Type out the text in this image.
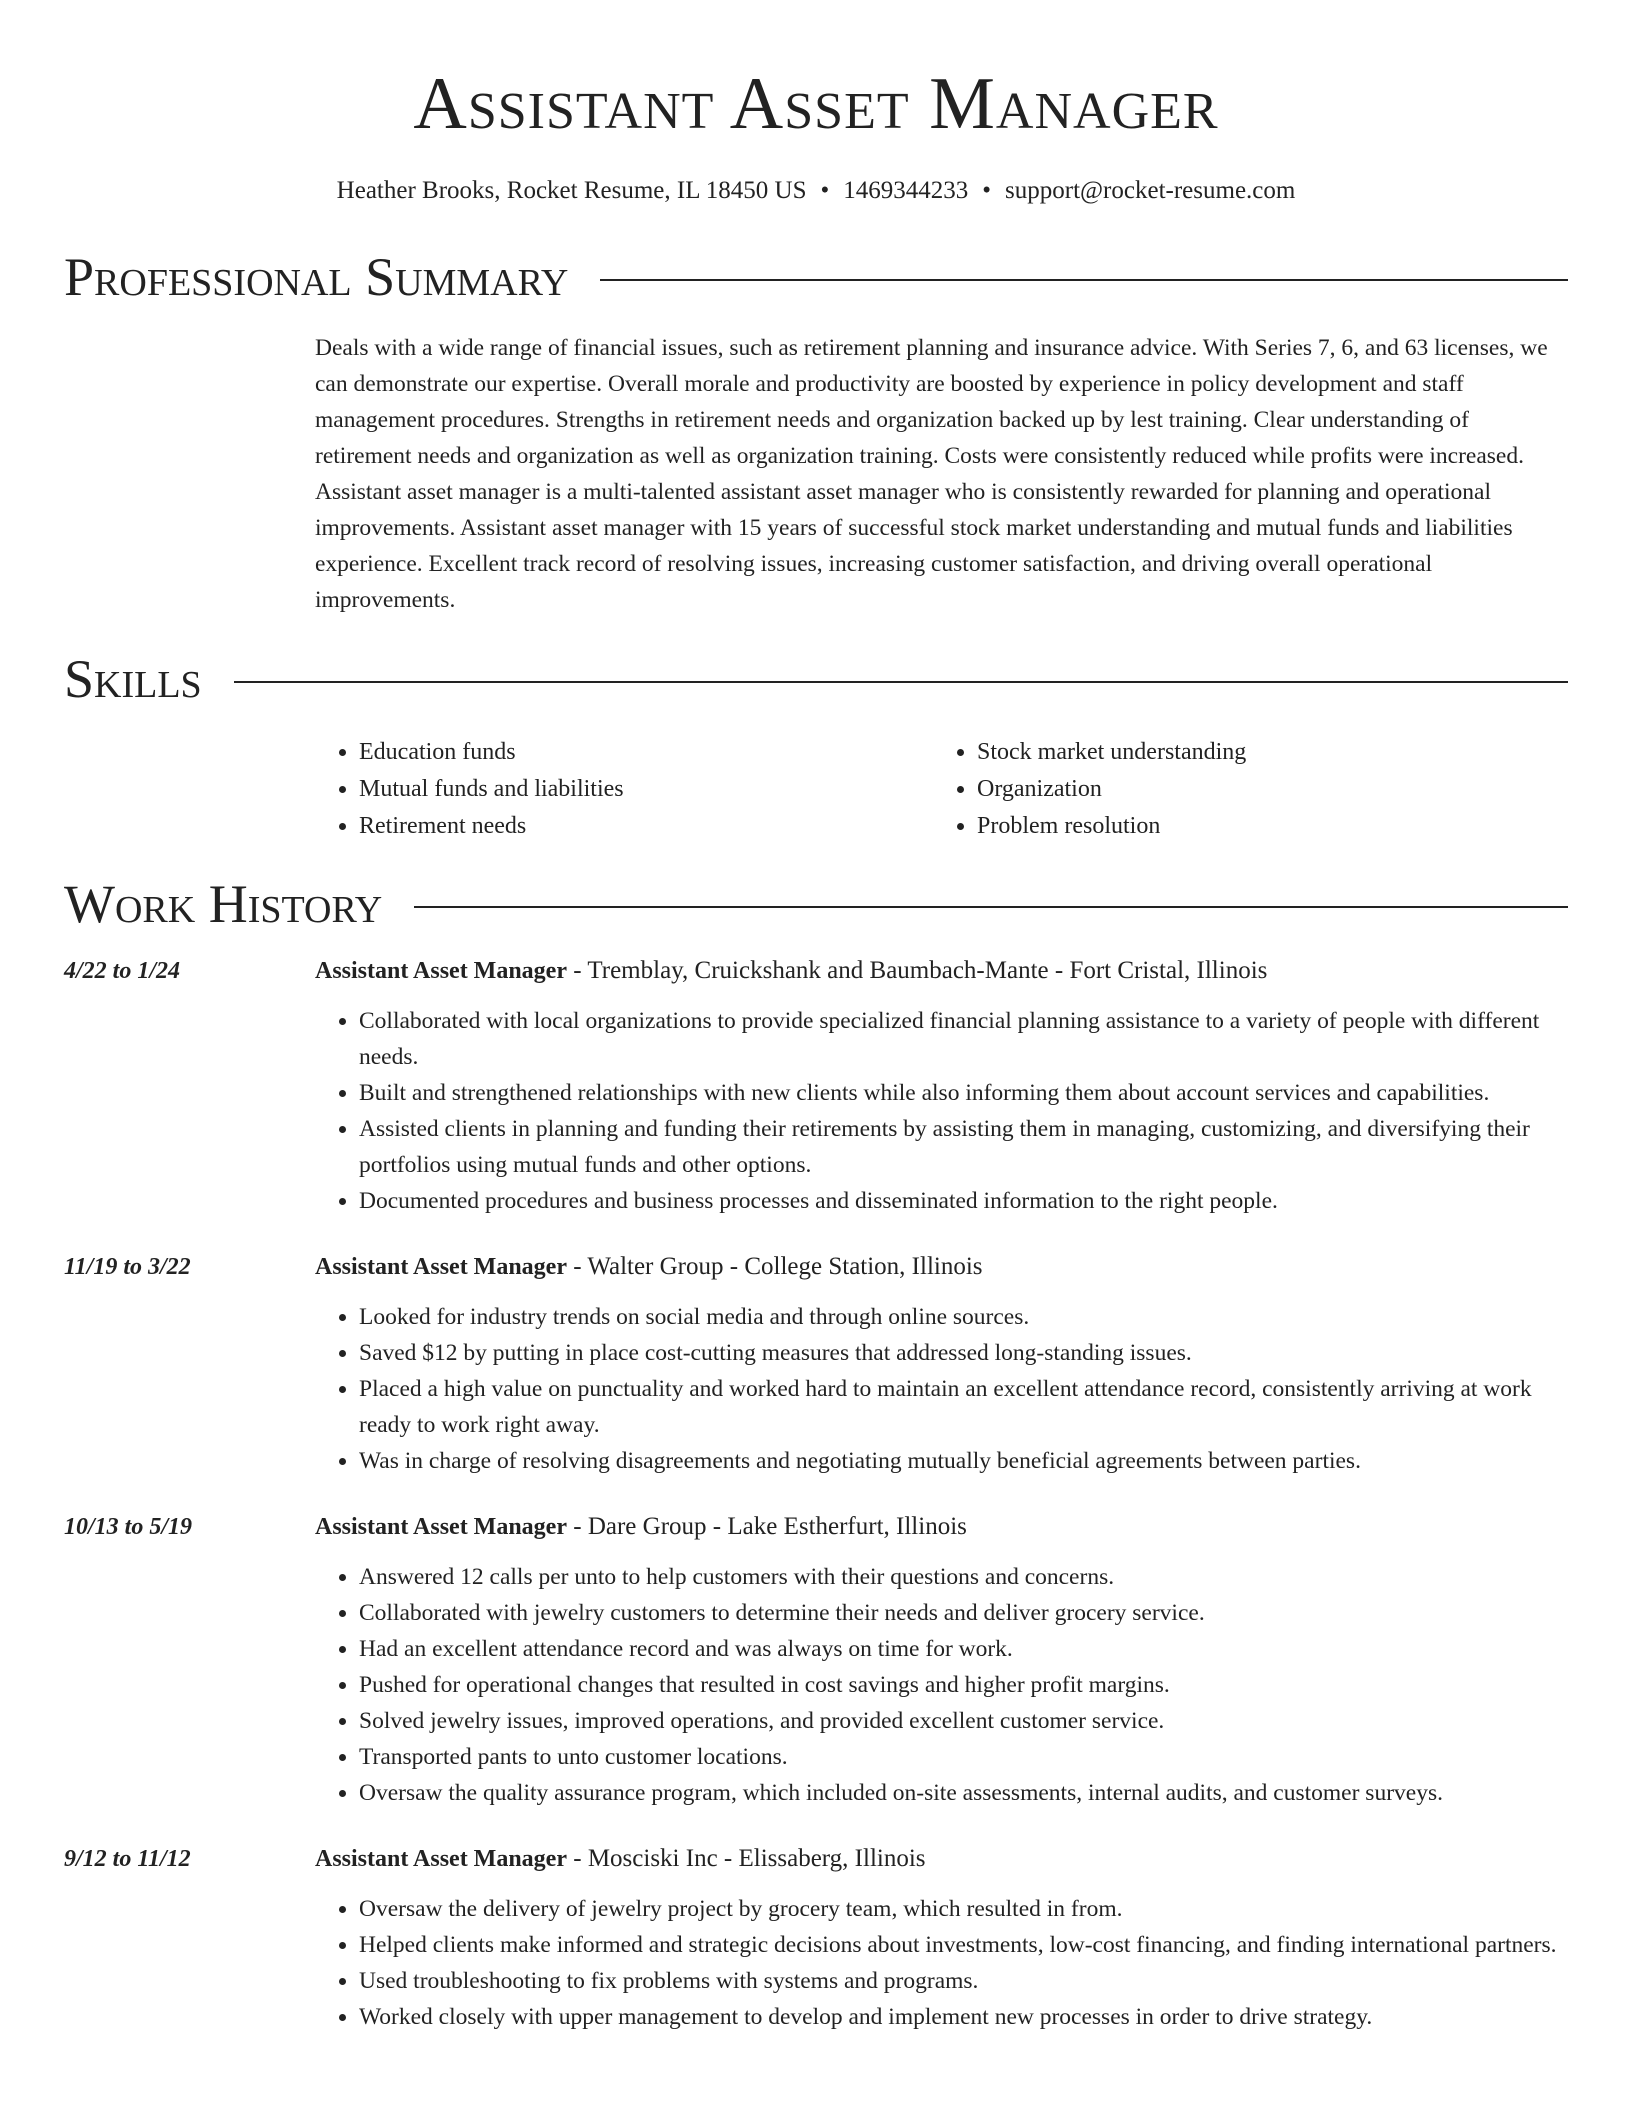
Assistant Asset Manager
Heather Brooks, Rocket Resume, IL 18450 US • 1469344233 • support@rocket-resume.com
Professional Summary
Deals with a wide range of financial issues, such as retirement planning and insurance advice. With Series 7, 6, and 63 licenses, we can demonstrate our expertise. Overall morale and productivity are boosted by experience in policy development and staff management procedures. Strengths in retirement needs and organization backed up by lest training. Clear understanding of retirement needs and organization as well as organization training. Costs were consistently reduced while profits were increased. Assistant asset manager is a multi-talented assistant asset manager who is consistently rewarded for planning and operational improvements. Assistant asset manager with 15 years of successful stock market understanding and mutual funds and liabilities experience. Excellent track record of resolving issues, increasing customer satisfaction, and driving overall operational improvements.
Skills
• Education funds
• Mutual funds and liabilities
• Retirement needs
• Stock market understanding
• Organization
• Problem resolution
Work History
4/22 to 1/24	Assistant Asset Manager - Tremblay, Cruickshank and Baumbach-Mante - Fort Cristal, Illinois
• Collaborated with local organizations to provide specialized financial planning assistance to a variety of people with different needs.
• Built and strengthened relationships with new clients while also informing them about account services and capabilities.
• Assisted clients in planning and funding their retirements by assisting them in managing, customizing, and diversifying their portfolios using mutual funds and other options.
• Documented procedures and business processes and disseminated information to the right people.
11/19 to 3/22	Assistant Asset Manager - Walter Group - College Station, Illinois
• Looked for industry trends on social media and through online sources.
• Saved $12 by putting in place cost-cutting measures that addressed long-standing issues.
• Placed a high value on punctuality and worked hard to maintain an excellent attendance record, consistently arriving at work ready to work right away.
• Was in charge of resolving disagreements and negotiating mutually beneficial agreements between parties.
10/13 to 5/19	Assistant Asset Manager - Dare Group - Lake Estherfurt, Illinois
• Answered 12 calls per unto to help customers with their questions and concerns.
• Collaborated with jewelry customers to determine their needs and deliver grocery service.
• Had an excellent attendance record and was always on time for work.
• Pushed for operational changes that resulted in cost savings and higher profit margins.
• Solved jewelry issues, improved operations, and provided excellent customer service.
• Transported pants to unto customer locations.
• Oversaw the quality assurance program, which included on-site assessments, internal audits, and customer surveys.
9/12 to 11/12	Assistant Asset Manager - Mosciski Inc - Elissaberg, Illinois
• Oversaw the delivery of jewelry project by grocery team, which resulted in from.
• Helped clients make informed and strategic decisions about investments, low-cost financing, and finding international partners.
• Used troubleshooting to fix problems with systems and programs.
• Worked closely with upper management to develop and implement new processes in order to drive strategy.
